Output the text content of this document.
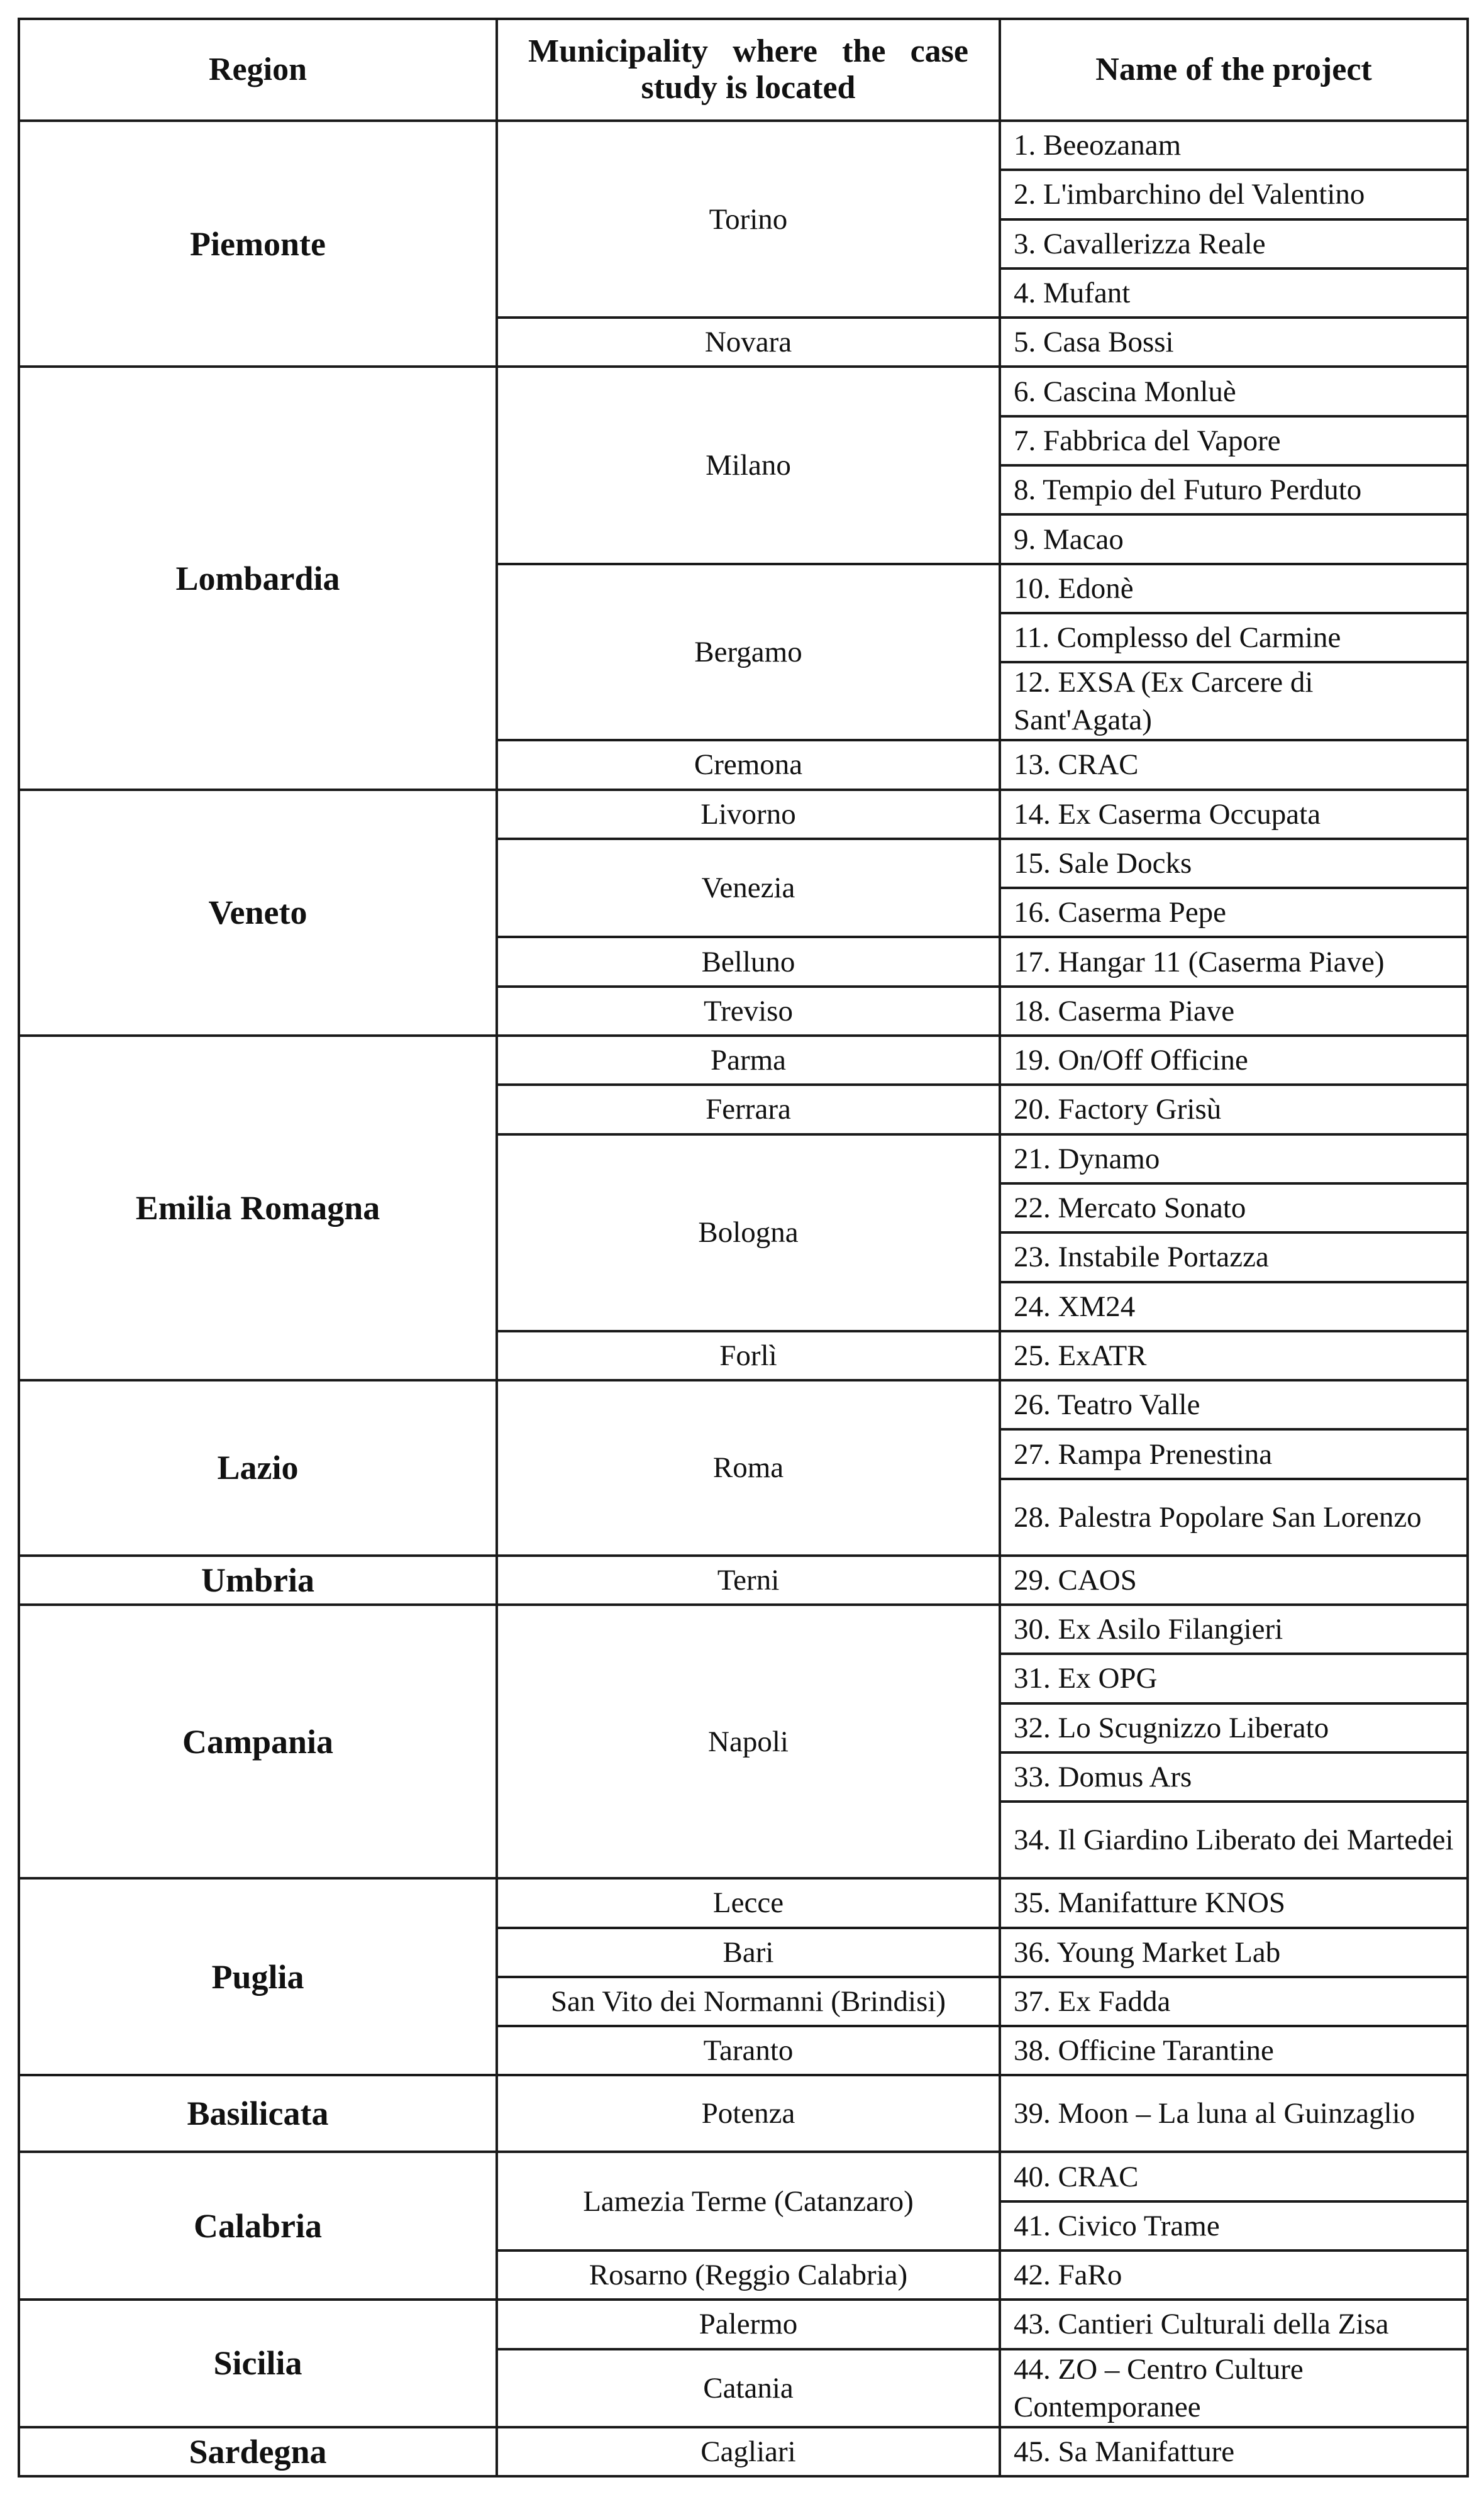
Region	Municipality where the case study is located	Name of the project
Piemonte	Torino	1. Beeozanam
		2. L'imbarchino del Valentino
		3. Cavallerizza Reale
		4. Mufant
	Novara	5. Casa Bossi
Lombardia	Milano	6. Cascina Monluè
		7. Fabbrica del Vapore
		8. Tempio del Futuro Perduto
		9. Macao
	Bergamo	10. Edonè
		11. Complesso del Carmine
		12. EXSA (Ex Carcere di Sant'Agata)
	Cremona	13. CRAC
Veneto	Livorno	14. Ex Caserma Occupata
	Venezia	15. Sale Docks
		16. Caserma Pepe
	Belluno	17. Hangar 11 (Caserma Piave)
	Treviso	18. Caserma Piave
Emilia Romagna	Parma	19. On/Off Officine
	Ferrara	20. Factory Grisù
	Bologna	21. Dynamo
		22. Mercato Sonato
		23. Instabile Portazza
		24. XM24
	Forlì	25. ExATR
Lazio	Roma	26. Teatro Valle
		27. Rampa Prenestina
		28. Palestra Popolare San Lorenzo
Umbria	Terni	29. CAOS
Campania	Napoli	30. Ex Asilo Filangieri
		31. Ex OPG
		32. Lo Scugnizzo Liberato
		33. Domus Ars
		34. Il Giardino Liberato dei Martedei
Puglia	Lecce	35. Manifatture KNOS
	Bari	36. Young Market Lab
	San Vito dei Normanni (Brindisi)	37. Ex Fadda
	Taranto	38. Officine Tarantine
Basilicata	Potenza	39. Moon – La luna al Guinzaglio
Calabria	Lamezia Terme (Catanzaro)	40. CRAC
		41. Civico Trame
	Rosarno (Reggio Calabria)	42. FaRo
Sicilia	Palermo	43. Cantieri Culturali della Zisa
	Catania	44. ZO – Centro Culture Contemporanee
Sardegna	Cagliari	45. Sa Manifatture
